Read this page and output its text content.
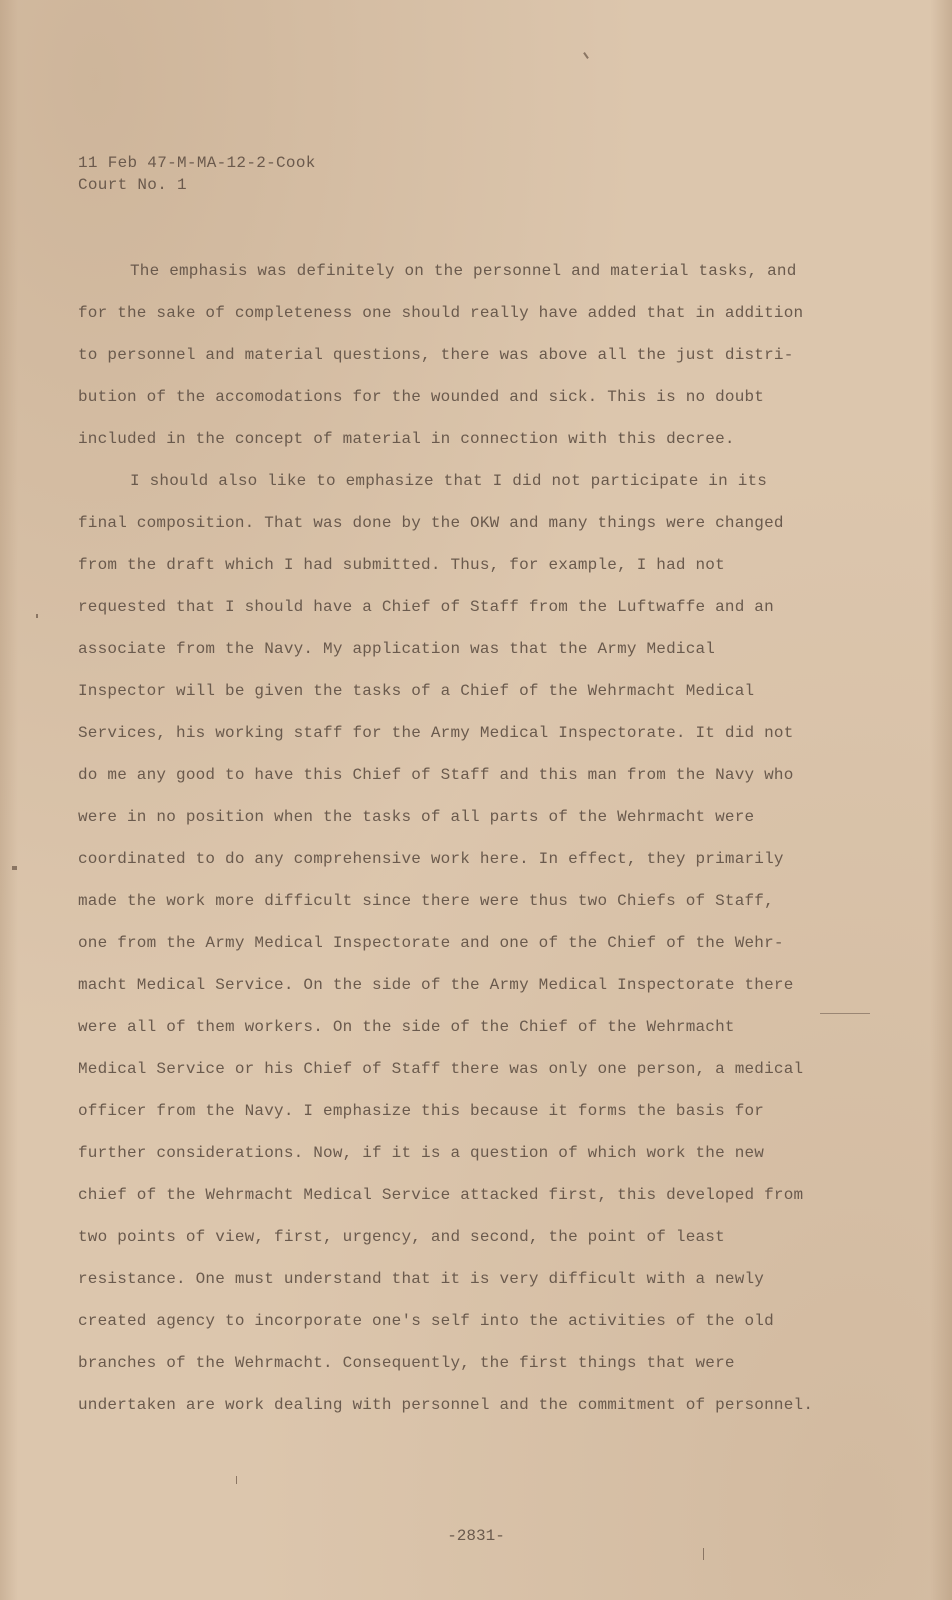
11 Feb 47-M-MA-12-2-Cook
Court No. 1
The emphasis was definitely on the personnel and material tasks, and
for the sake of completeness one should really have added that in addition
to personnel and material questions, there was above all the just distri-
bution of the accomodations for the wounded and sick. This is no doubt
included in the concept of material in connection with this decree.
I should also like to emphasize that I did not participate in its
final composition. That was done by the OKW and many things were changed
from the draft which I had submitted. Thus, for example, I had not
requested that I should have a Chief of Staff from the Luftwaffe and an
associate from the Navy. My application was that the Army Medical
Inspector will be given the tasks of a Chief of the Wehrmacht Medical
Services, his working staff for the Army Medical Inspectorate. It did not
do me any good to have this Chief of Staff and this man from the Navy who
were in no position when the tasks of all parts of the Wehrmacht were
coordinated to do any comprehensive work here. In effect, they primarily
made the work more difficult since there were thus two Chiefs of Staff,
one from the Army Medical Inspectorate and one of the Chief of the Wehr-
macht Medical Service. On the side of the Army Medical Inspectorate there
were all of them workers. On the side of the Chief of the Wehrmacht
Medical Service or his Chief of Staff there was only one person, a medical
officer from the Navy. I emphasize this because it forms the basis for
further considerations. Now, if it is a question of which work the new
chief of the Wehrmacht Medical Service attacked first, this developed from
two points of view, first, urgency, and second, the point of least
resistance. One must understand that it is very difficult with a newly
created agency to incorporate one's self into the activities of the old
branches of the Wehrmacht. Consequently, the first things that were
undertaken are work dealing with personnel and the commitment of personnel.
-2831-
